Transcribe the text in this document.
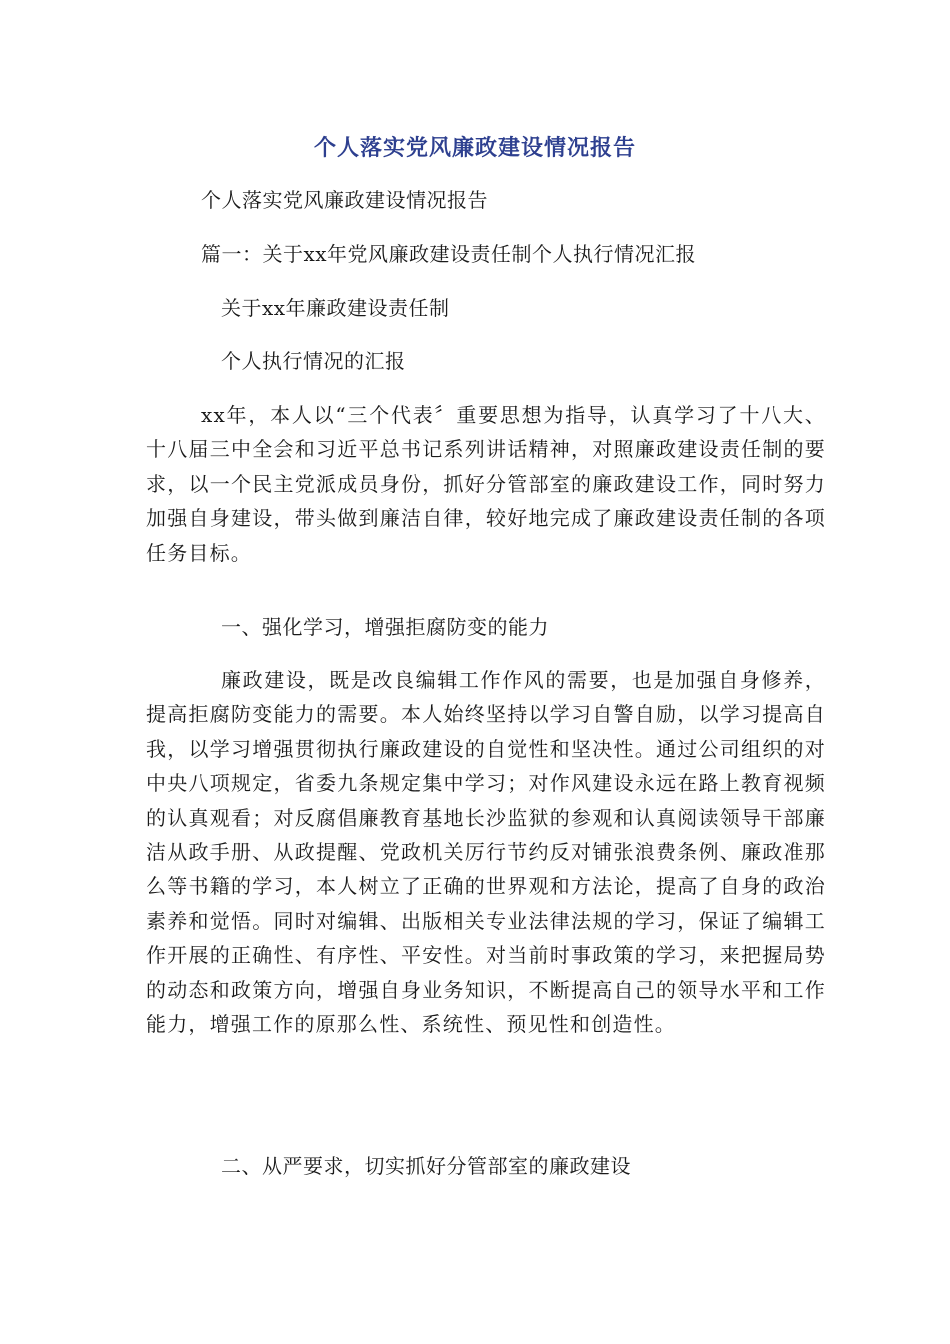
个人落实党风廉政建设情况报告
个人落实党风廉政建设情况报告
篇一：关于xx年党风廉政建设责任制个人执行情况汇报
关于xx年廉政建设责任制
个人执行情况的汇报
xx年，本人以“三个代表〞重要思想为指导，认真学习了十八大、十八届三中全会和习近平总书记系列讲话精神，对照廉政建设责任制的要求，以一个民主党派成员身份，抓好分管部室的廉政建设工作，同时努力加强自身建设，带头做到廉洁自律，较好地完成了廉政建设责任制的各项任务目标。
一、强化学习，增强拒腐防变的能力
廉政建设，既是改良编辑工作作风的需要，也是加强自身修养，提高拒腐防变能力的需要。本人始终坚持以学习自警自励，以学习提高自我，以学习增强贯彻执行廉政建设的自觉性和坚决性。通过公司组织的对中央八项规定，省委九条规定集中学习；对作风建设永远在路上教育视频的认真观看；对反腐倡廉教育基地长沙监狱的参观和认真阅读领导干部廉洁从政手册、从政提醒、党政机关厉行节约反对铺张浪费条例、廉政准那么等书籍的学习，本人树立了正确的世界观和方法论，提高了自身的政治素养和觉悟。同时对编辑、出版相关专业法律法规的学习，保证了编辑工作开展的正确性、有序性、平安性。对当前时事政策的学习，来把握局势的动态和政策方向，增强自身业务知识，不断提高自己的领导水平和工作能力，增强工作的原那么性、系统性、预见性和创造性。
二、从严要求，切实抓好分管部室的廉政建设
